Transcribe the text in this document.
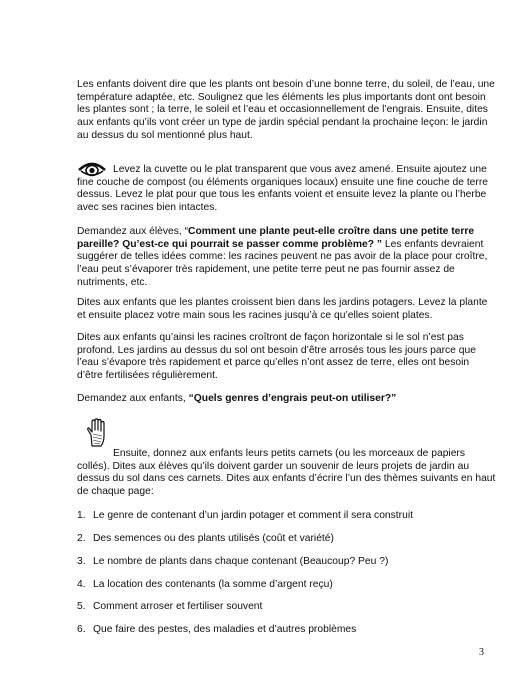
Les enfants doivent dire que les plants ont besoin d’une bonne terre, du soleil, de l’eau, une température adaptée, etc. Soulignez que les éléments les plus importants dont ont besoin les plantes sont ; la terre, le soleil et l’eau et occasionnellement de l’engrais. Ensuite, dites aux enfants qu’ils vont créer un type de jardin spécial pendant la prochaine leçon: le jardin au dessus du sol mentionné plus haut.

Levez la cuvette ou le plat transparent que vous avez amené. Ensuite ajoutez une fine couche de compost (ou éléments organiques locaux) ensuite une fine couche de terre dessus. Levez le plat pour que tous les enfants voient et ensuite levez la plante ou l’herbe avec ses racines bien intactes.

Demandez aux élèves, “Comment une plante peut-elle croître dans une petite terre pareille? Qu’est-ce qui pourrait se passer comme problème? ” Les enfants devraient suggérer de telles idées comme: les racines peuvent ne pas avoir de la place pour croître, l’eau peut s’évaporer très rapidement, une petite terre peut ne pas fournir assez de nutriments, etc.

Dites aux enfants que les plantes croissent bien dans les jardins potagers. Levez la plante et ensuite placez votre main sous les racines jusqu’à ce qu’elles soient plates.

Dites aux enfants qu’ainsi les racines croîtront de façon horizontale si le sol n’est pas profond. Les jardins au dessus du sol ont besoin d’être arrosés tous les jours parce que l’eau s’évapore très rapidement et parce qu’elles n’ont assez de terre, elles ont besoin d’être fertilisées régulièrement.

Demandez aux enfants, “Quels genres d’engrais peut-on utiliser?”

Ensuite, donnez aux enfants leurs petits carnets (ou les morceaux de papiers collés). Dites aux élèves qu’ils doivent garder un souvenir de leurs projets de jardin au dessus du sol dans ces carnets. Dites aux enfants d’écrire l’un des thèmes suivants en haut de chaque page:

1. Le genre de contenant d’un jardin potager et comment il sera construit
2. Des semences ou des plants utilisés (coût et variété)
3. Le nombre de plants dans chaque contenant (Beaucoup? Peu ?)
4. La location des contenants (la somme d’argent reçu)
5. Comment arroser et fertiliser souvent
6. Que faire des pestes, des maladies et d’autres problèmes
3
